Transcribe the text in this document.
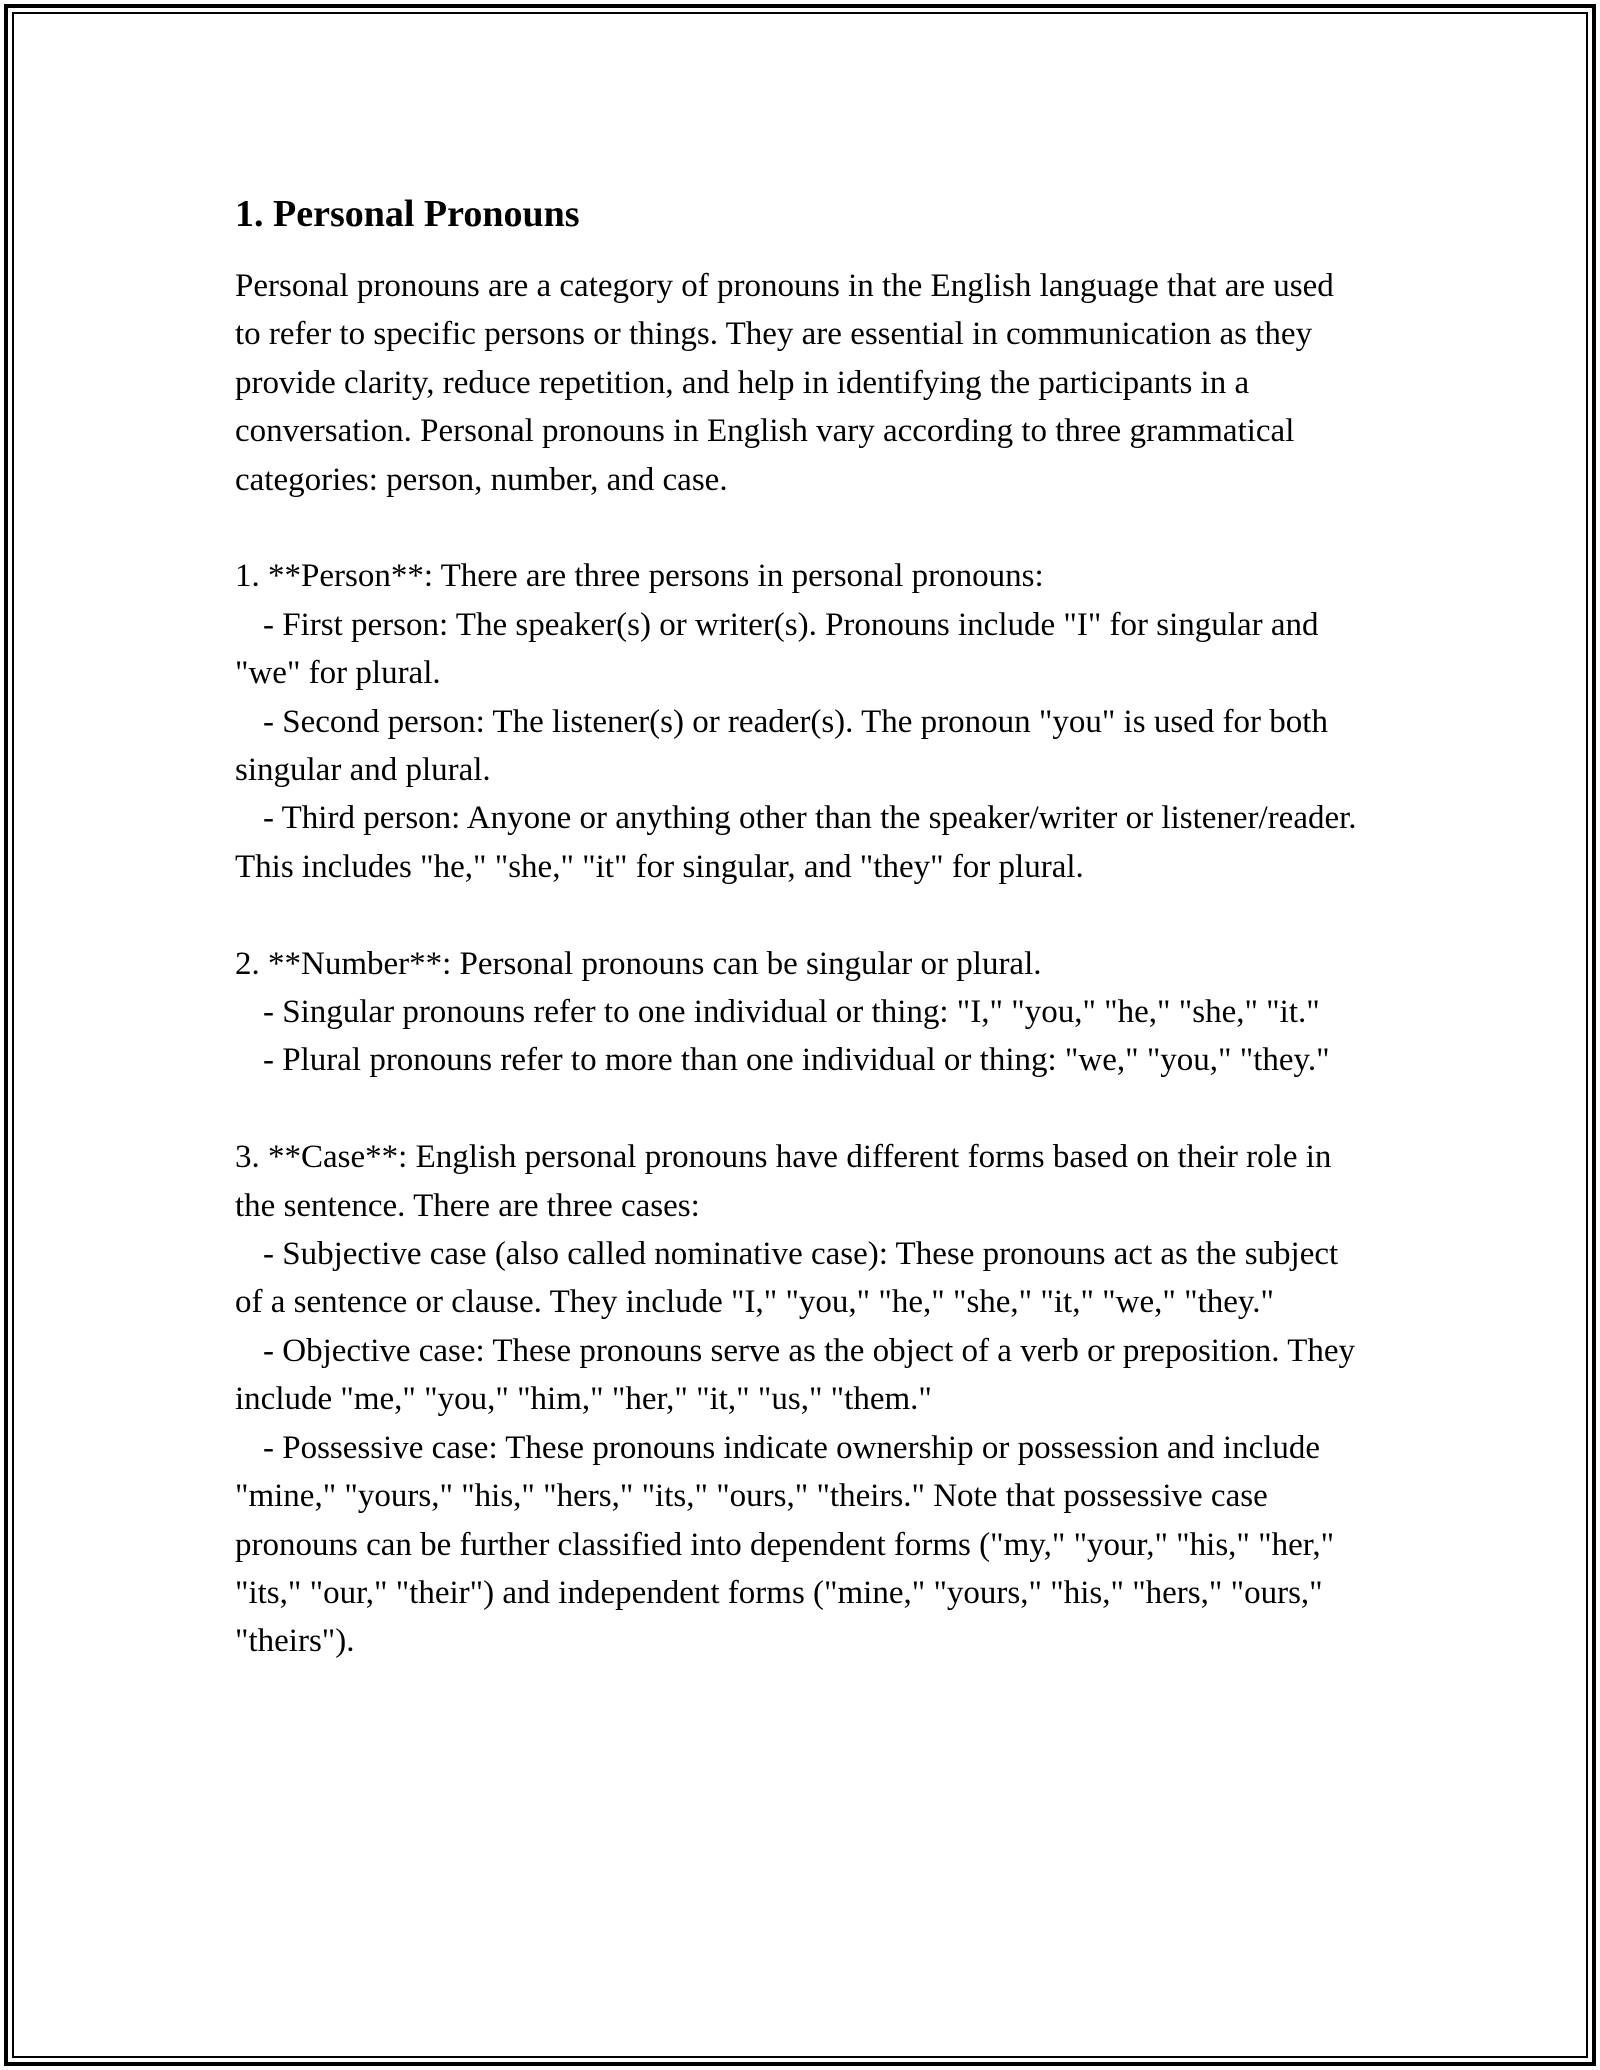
1. Personal Pronouns

Personal pronouns are a category of pronouns in the English language that are used to refer to specific persons or things. They are essential in communication as they provide clarity, reduce repetition, and help in identifying the participants in a conversation. Personal pronouns in English vary according to three grammatical categories: person, number, and case.

1. **Person**: There are three persons in personal pronouns:

- First person: The speaker(s) or writer(s). Pronouns include "I" for singular and "we" for plural.

- Second person: The listener(s) or reader(s). The pronoun "you" is used for both singular and plural.

- Third person: Anyone or anything other than the speaker/writer or listener/reader. This includes "he," "she," "it" for singular, and "they" for plural.

2. **Number**: Personal pronouns can be singular or plural.

- Singular pronouns refer to one individual or thing: "I," "you," "he," "she," "it."

- Plural pronouns refer to more than one individual or thing: "we," "you," "they."

3. **Case**: English personal pronouns have different forms based on their role in the sentence. There are three cases:

- Subjective case (also called nominative case): These pronouns act as the subject of a sentence or clause. They include "I," "you," "he," "she," "it," "we," "they."

- Objective case: These pronouns serve as the object of a verb or preposition. They include "me," "you," "him," "her," "it," "us," "them."

- Possessive case: These pronouns indicate ownership or possession and include "mine," "yours," "his," "hers," "its," "ours," "theirs." Note that possessive case pronouns can be further classified into dependent forms ("my," "your," "his," "her," "its," "our," "their") and independent forms ("mine," "yours," "his," "hers," "ours," "theirs").
